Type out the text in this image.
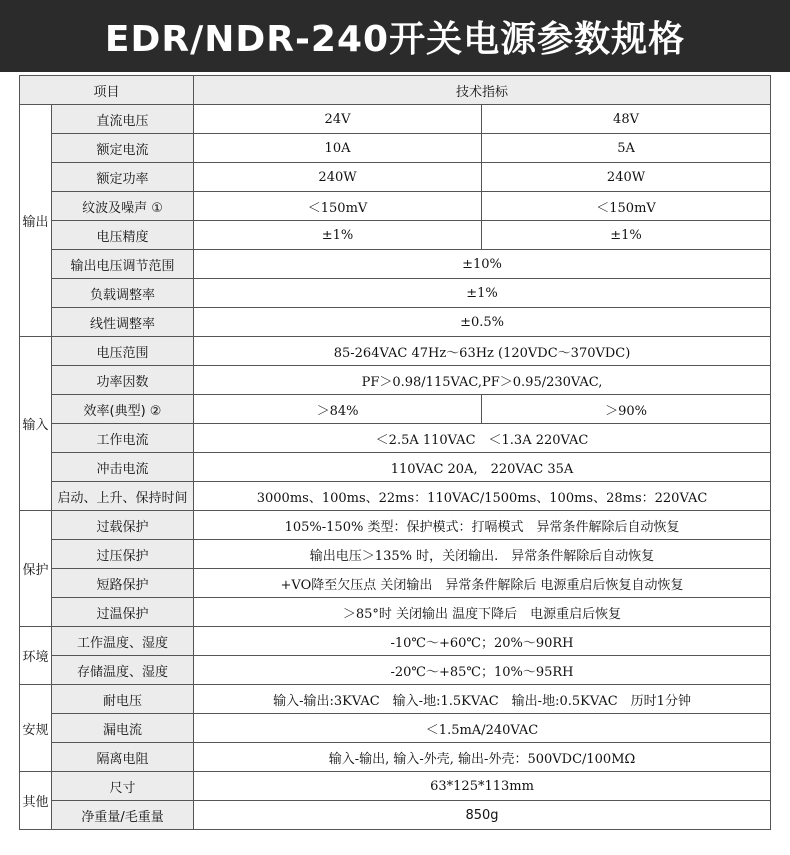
EDR/NDR-240开关电源参数规格
项目		技术指标	
输出	直流电压	24V	48V
	额定电流	10A	5A
	额定功率	240W	240W
	纹波及噪声 ①	＜150mV	＜150mV
	电压精度	±1%	±1%
	输出电压调节范围	±10%	
	负载调整率	±1%	
	线性调整率	±0.5%	
输入	电压范围	85-264VAC 47Hz～63Hz (120VDC～370VDC)	
	功率因数	PF＞0.98/115VAC,PF＞0.95/230VAC,	
	效率(典型) ②	＞84%	＞90%
	工作电流	＜2.5A 110VAC　＜1.3A 220VAC	
	冲击电流	110VAC 20A,　220VAC 35A	
	启动、上升、保持时间	3000ms、100ms、22ms：110VAC/1500ms、100ms、28ms：220VAC	
保护	过载保护	105%-150% 类型：保护模式：打嗝模式　异常条件解除后自动恢复	
	过压保护	输出电压＞135% 时，关闭输出.　异常条件解除后自动恢复	
	短路保护	+VO降至欠压点 关闭输出　异常条件解除后 电源重启后恢复自动恢复	
	过温保护	＞85°时 关闭输出 温度下降后　电源重启后恢复	
环境	工作温度、湿度	-10℃～+60℃；20%～90RH	
	存储温度、湿度	-20℃～+85℃；10%～95RH	
安规	耐电压	输入-输出:3KVAC　输入-地:1.5KVAC　输出-地:0.5KVAC　历时1分钟	
	漏电流	＜1.5mA/240VAC	
	隔离电阻	输入-输出, 输入-外壳, 输出-外壳：500VDC/100MΩ	
其他	尺寸	63*125*113mm	
	净重量/毛重量	850g	
